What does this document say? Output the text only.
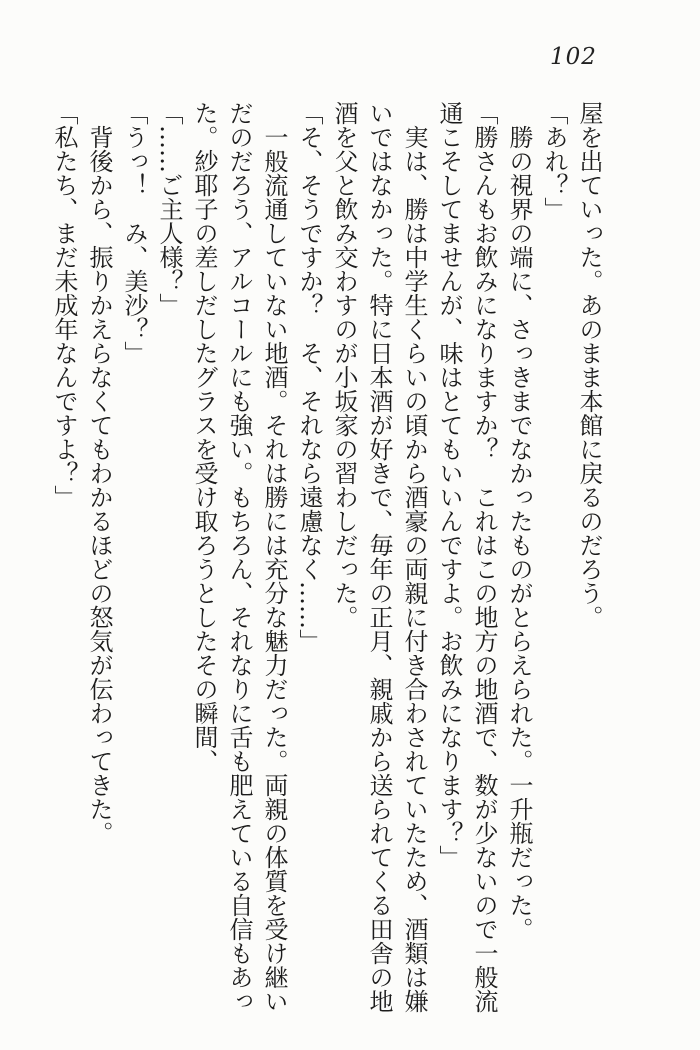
102

屋を出ていった。あのまま本館に戻るのだろう。

「あれ？」

勝の視界の端に、さっきまでなかったものがとらえられた。一升瓶だった。

「勝さんもお飲みになりますか？　これはこの地方の地酒で、数が少ないので一般流通こそしてませんが、味はとてもいいんですよ。お飲みになります？」

実は、勝は中学生くらいの頃から酒豪の両親に付き合わされていたため、酒類は嫌いではなかった。特に日本酒が好きで、毎年の正月、親戚から送られてくる田舎の地酒を父と飲み交わすのが小坂家の習わしだった。

「そ、そうですか？　そ、それなら遠慮なく……」

一般流通していない地酒。それは勝には充分な魅力だった。両親の体質を受け継いだのだろう、アルコールにも強い。もちろん、それなりに舌も肥えている自信もあった。紗耶子の差しだしたグラスを受け取ろうとしたその瞬間、

「……ご主人様？」

「うっ！　み、美沙？」

背後から、振りかえらなくてもわかるほどの怒気が伝わってきた。

「私たち、まだ未成年なんですよ？」
